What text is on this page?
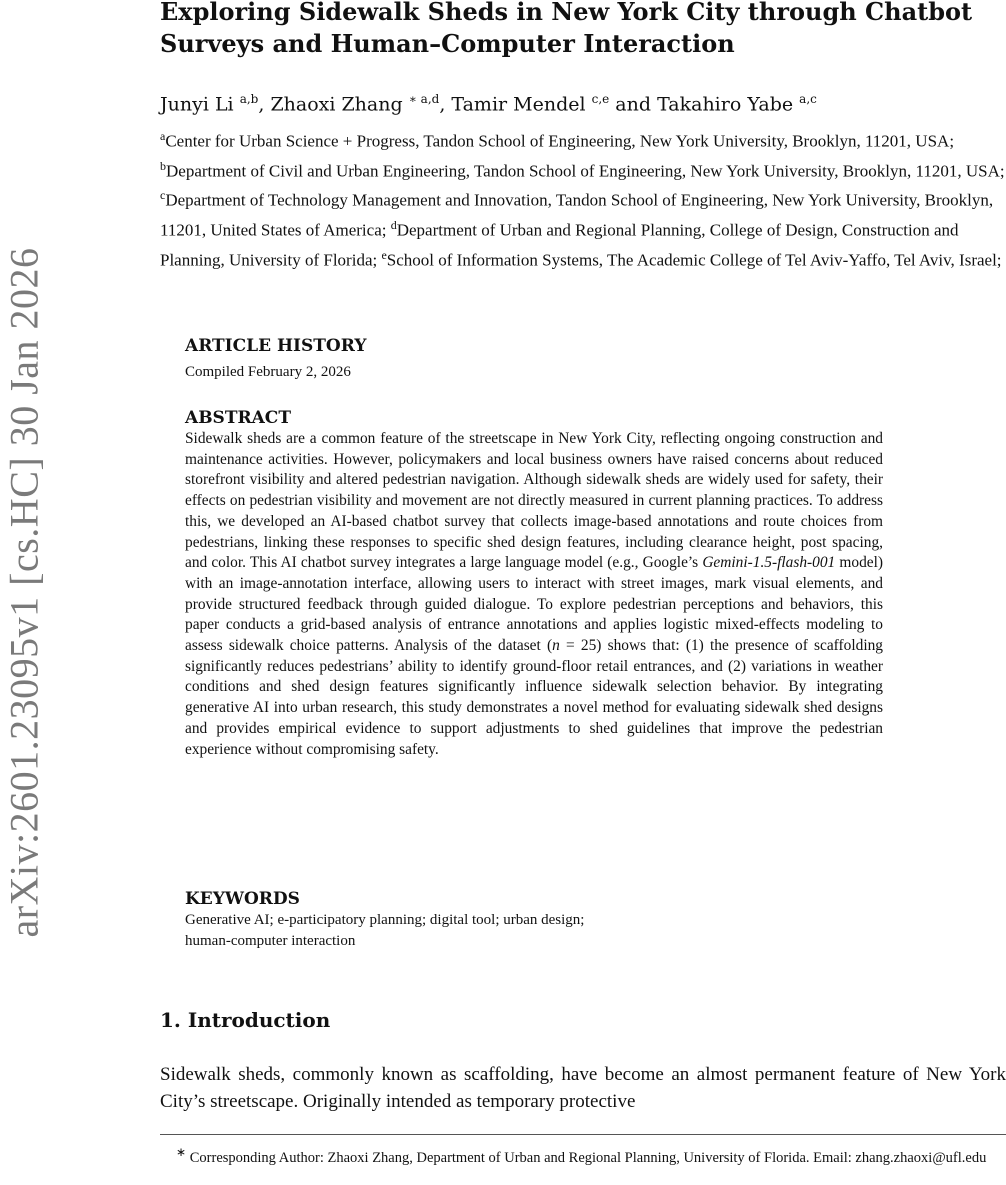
arXiv:2601.23095v1 [cs.HC] 30 Jan 2026
Exploring Sidewalk Sheds in New York City through Chatbot Surveys and Human–Computer Interaction
Junyi Li $^{a,b}$, Zhaoxi Zhang $^{∗ a,d}$, Tamir Mendel $^{c,e}$ and Takahiro Yabe $^{a,c}$

$^a$Center for Urban Science + Progress, Tandon School of Engineering, New York University, Brooklyn, 11201, USA; $^b$Department of Civil and Urban Engineering, Tandon School of Engineering, New York University, Brooklyn, 11201, USA; $^c$Department of Technology Management and Innovation, Tandon School of Engineering, New York University, Brooklyn, 11201, United States of America; $^d$Department of Urban and Regional Planning, College of Design, Construction and Planning, University of Florida; $^e$School of Information Systems, The Academic College of Tel Aviv-Yaffo, Tel Aviv, Israel;

ARTICLE HISTORY

Compiled February 2, 2026

ABSTRACT

Sidewalk sheds are a common feature of the streetscape in New York City, reflecting ongoing construction and maintenance activities. However, policymakers and local business owners have raised concerns about reduced storefront visibility and altered pedestrian navigation. Although sidewalk sheds are widely used for safety, their effects on pedestrian visibility and movement are not directly measured in current planning practices. To address this, we developed an AI-based chatbot survey that collects image-based annotations and route choices from pedestrians, linking these responses to specific shed design features, including clearance height, post spacing, and color. This AI chatbot survey integrates a large language model (e.g., Google’s Gemini-1.5-flash-001 model) with an image-annotation interface, allowing users to interact with street images, mark visual elements, and provide structured feedback through guided dialogue. To explore pedestrian perceptions and behaviors, this paper conducts a grid-based analysis of entrance annotations and applies logistic mixed-effects modeling to assess sidewalk choice patterns. Analysis of the dataset (n = 25) shows that: (1) the presence of scaffolding significantly reduces pedestrians’ ability to identify ground-floor retail entrances, and (2) variations in weather conditions and shed design features significantly influence sidewalk selection behavior. By integrating generative AI into urban research, this study demonstrates a novel method for evaluating sidewalk shed designs and provides empirical evidence to support adjustments to shed guidelines that improve the pedestrian experience without compromising safety.

KEYWORDS

Generative AI; e-participatory planning; digital tool; urban design;

human-computer interaction

1. Introduction

Sidewalk sheds, commonly known as scaffolding, have become an almost permanent feature of New York City’s streetscape. Originally intended as temporary protective

∗ Corresponding Author: Zhaoxi Zhang, Department of Urban and Regional Planning, University of Florida. Email: zhang.zhaoxi@ufl.edu
